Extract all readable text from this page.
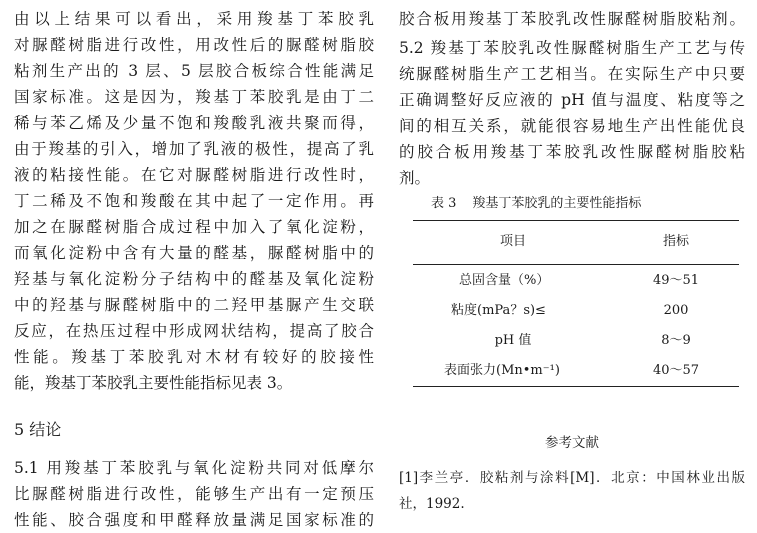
由以上结果可以看出，采用羧基丁苯胶乳
对脲醛树脂进行改性，用改性后的脲醛树脂胶
粘剂生产出的 3 层、5 层胶合板综合性能满足
国家标准。这是因为，羧基丁苯胶乳是由丁二
稀与苯乙烯及少量不饱和羧酸乳液共聚而得，
由于羧基的引入，增加了乳液的极性，提高了乳
液的粘接性能。在它对脲醛树脂进行改性时，
丁二稀及不饱和羧酸在其中起了一定作用。再
加之在脲醛树脂合成过程中加入了氧化淀粉，
而氧化淀粉中含有大量的醛基，脲醛树脂中的
羟基与氧化淀粉分子结构中的醛基及氧化淀粉
中的羟基与脲醛树脂中的二羟甲基脲产生交联
反应，在热压过程中形成网状结构，提高了胶合
性能。羧基丁苯胶乳对木材有较好的胶接性
能，羧基丁苯胶乳主要性能指标见表 3。
5 结论
5.1 用羧基丁苯胶乳与氧化淀粉共同对低摩尔
比脲醛树脂进行改性，能够生产出有一定预压
性能、胶合强度和甲醛释放量满足国家标准的
胶合板用羧基丁苯胶乳改性脲醛树脂胶粘剂。
5.2 羧基丁苯胶乳改性脲醛树脂生产工艺与传
统脲醛树脂生产工艺相当。在实际生产中只要
正确调整好反应液的 pH 值与温度、粘度等之
间的相互关系，就能很容易地生产出性能优良
的胶合板用羧基丁苯胶乳改性脲醛树脂胶粘
剂。
表 3 羧基丁苯胶乳的主要性能指标
项目	指标
总固含量（%）	49～51
粘度(mPa？s)≤	200
pH 值	8～9
表面张力(Mn•m⁻¹)	40～57
参考文献
[1]李兰亭．胶粘剂与涂料[M]．北京：中国林业出版
社，1992.
